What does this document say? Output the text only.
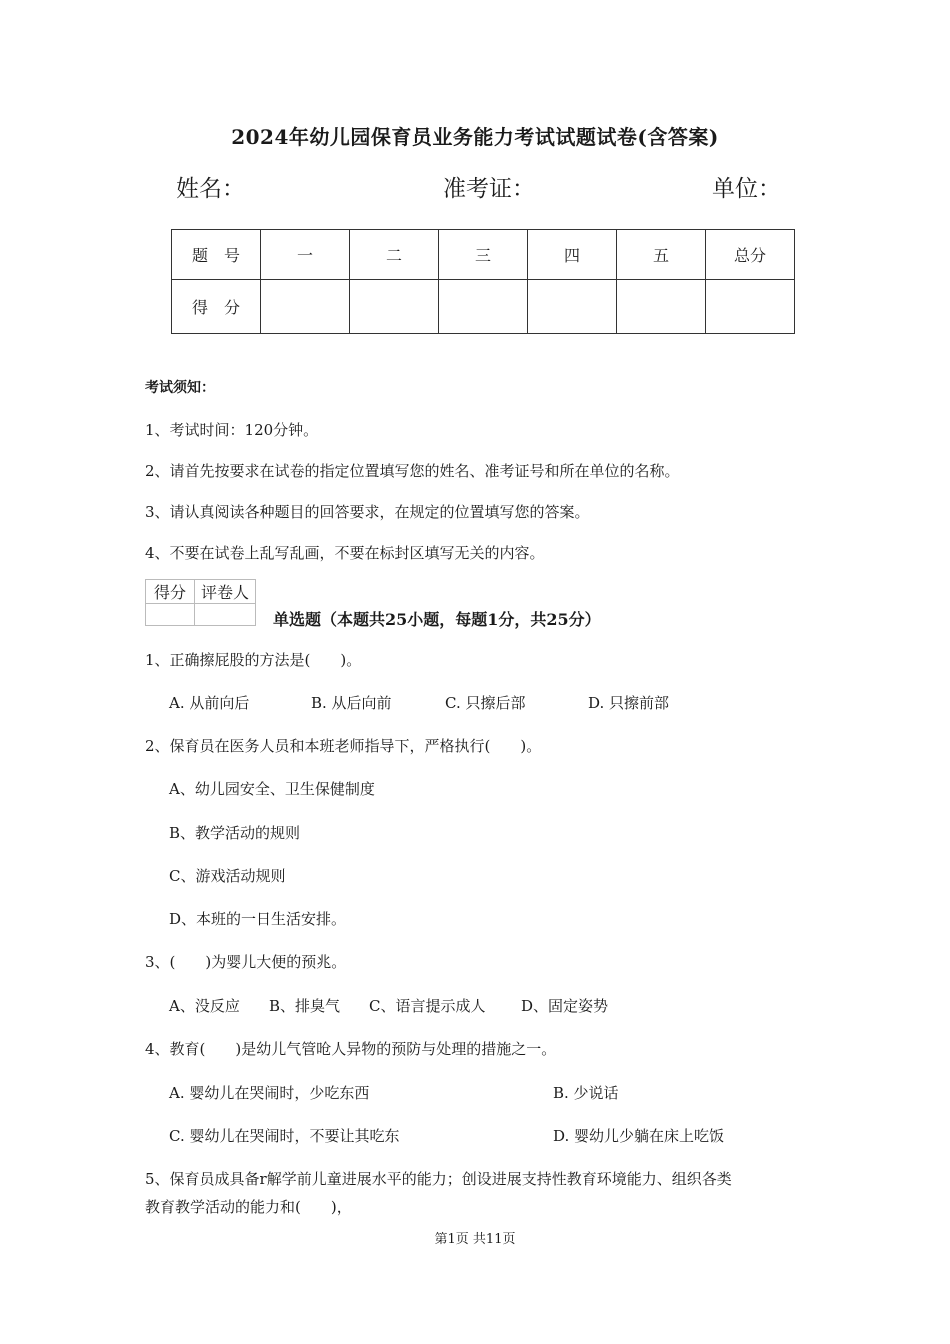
2024年幼儿园保育员业务能力考试试题试卷(含答案)
姓名：	准考证：	单位：
题　号	一	二	三	四	五	总分
得　分						
考试须知：
1、考试时间：120分钟。
2、请首先按要求在试卷的指定位置填写您的姓名、准考证号和所在单位的名称。
3、请认真阅读各种题目的回答要求，在规定的位置填写您的答案。
4、不要在试卷上乱写乱画，不要在标封区填写无关的内容。
得分	评卷人

单选题（本题共25小题，每题1分，共25分）
1、正确擦屁股的方法是(　　)。
A. 从前向后	B. 从后向前	C. 只擦后部	D. 只擦前部
2、保育员在医务人员和本班老师指导下，严格执行(　　)。
A、幼儿园安全、卫生保健制度
B、教学活动的规则
C、游戏活动规则
D、本班的一日生活安排。
3、(　　)为婴儿大便的预兆。
A、没反应 B、排臭气 C、语言提示成人 D、固定姿势
4、教育(　　)是幼儿气管呛人异物的预防与处理的措施之一。
A. 婴幼儿在哭闹时，少吃东西	B. 少说话
C. 婴幼儿在哭闹时，不要让其吃东	D. 婴幼儿少躺在床上吃饭
5、保育员成具备r解学前儿童进展水平的能力；创设进展支持性教育环境能力、组织各类
教育教学活动的能力和(　　)，
第1页 共11页
